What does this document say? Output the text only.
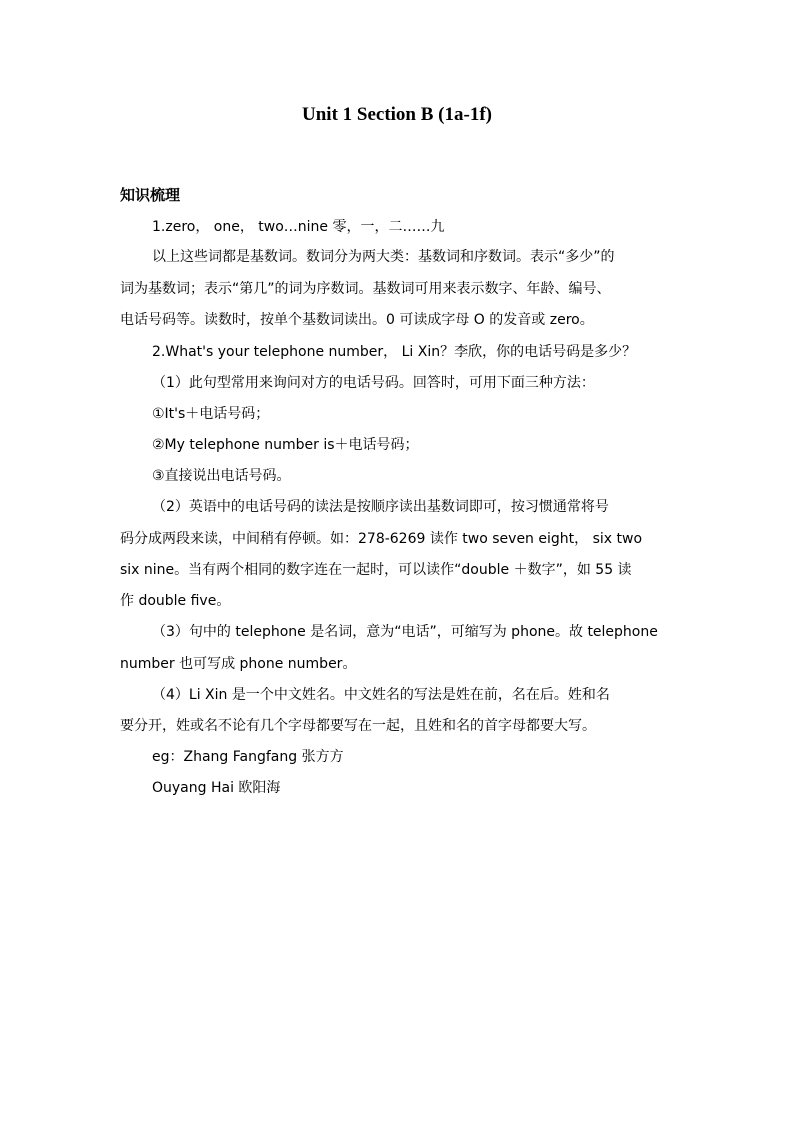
Unit 1 Section B (1a-1f)
知识梳理
1.zero， one， two…nine 零，一，二……九
以上这些词都是基数词。数词分为两大类：基数词和序数词。表示“多少”的
词为基数词；表示“第几”的词为序数词。基数词可用来表示数字、年龄、编号、
电话号码等。读数时，按单个基数词读出。0 可读成字母 O 的发音或 zero。
2.What's your telephone number， Li Xin？李欣，你的电话号码是多少？
（1）此句型常用来询问对方的电话号码。回答时，可用下面三种方法：
①It's＋电话号码；
②My telephone number is＋电话号码；
③直接说出电话号码。
（2）英语中的电话号码的读法是按顺序读出基数词即可，按习惯通常将号
码分成两段来读，中间稍有停顿。如：278-6269 读作 two seven eight， six two
six nine。当有两个相同的数字连在一起时，可以读作“double ＋数字”，如 55 读
作 double five。
（3）句中的 telephone 是名词，意为“电话”，可缩写为 phone。故 telephone
number 也可写成 phone number。
（4）Li Xin 是一个中文姓名。中文姓名的写法是姓在前，名在后。姓和名
要分开，姓或名不论有几个字母都要写在一起，且姓和名的首字母都要大写。
eg：Zhang Fangfang 张方方
Ouyang Hai 欧阳海
